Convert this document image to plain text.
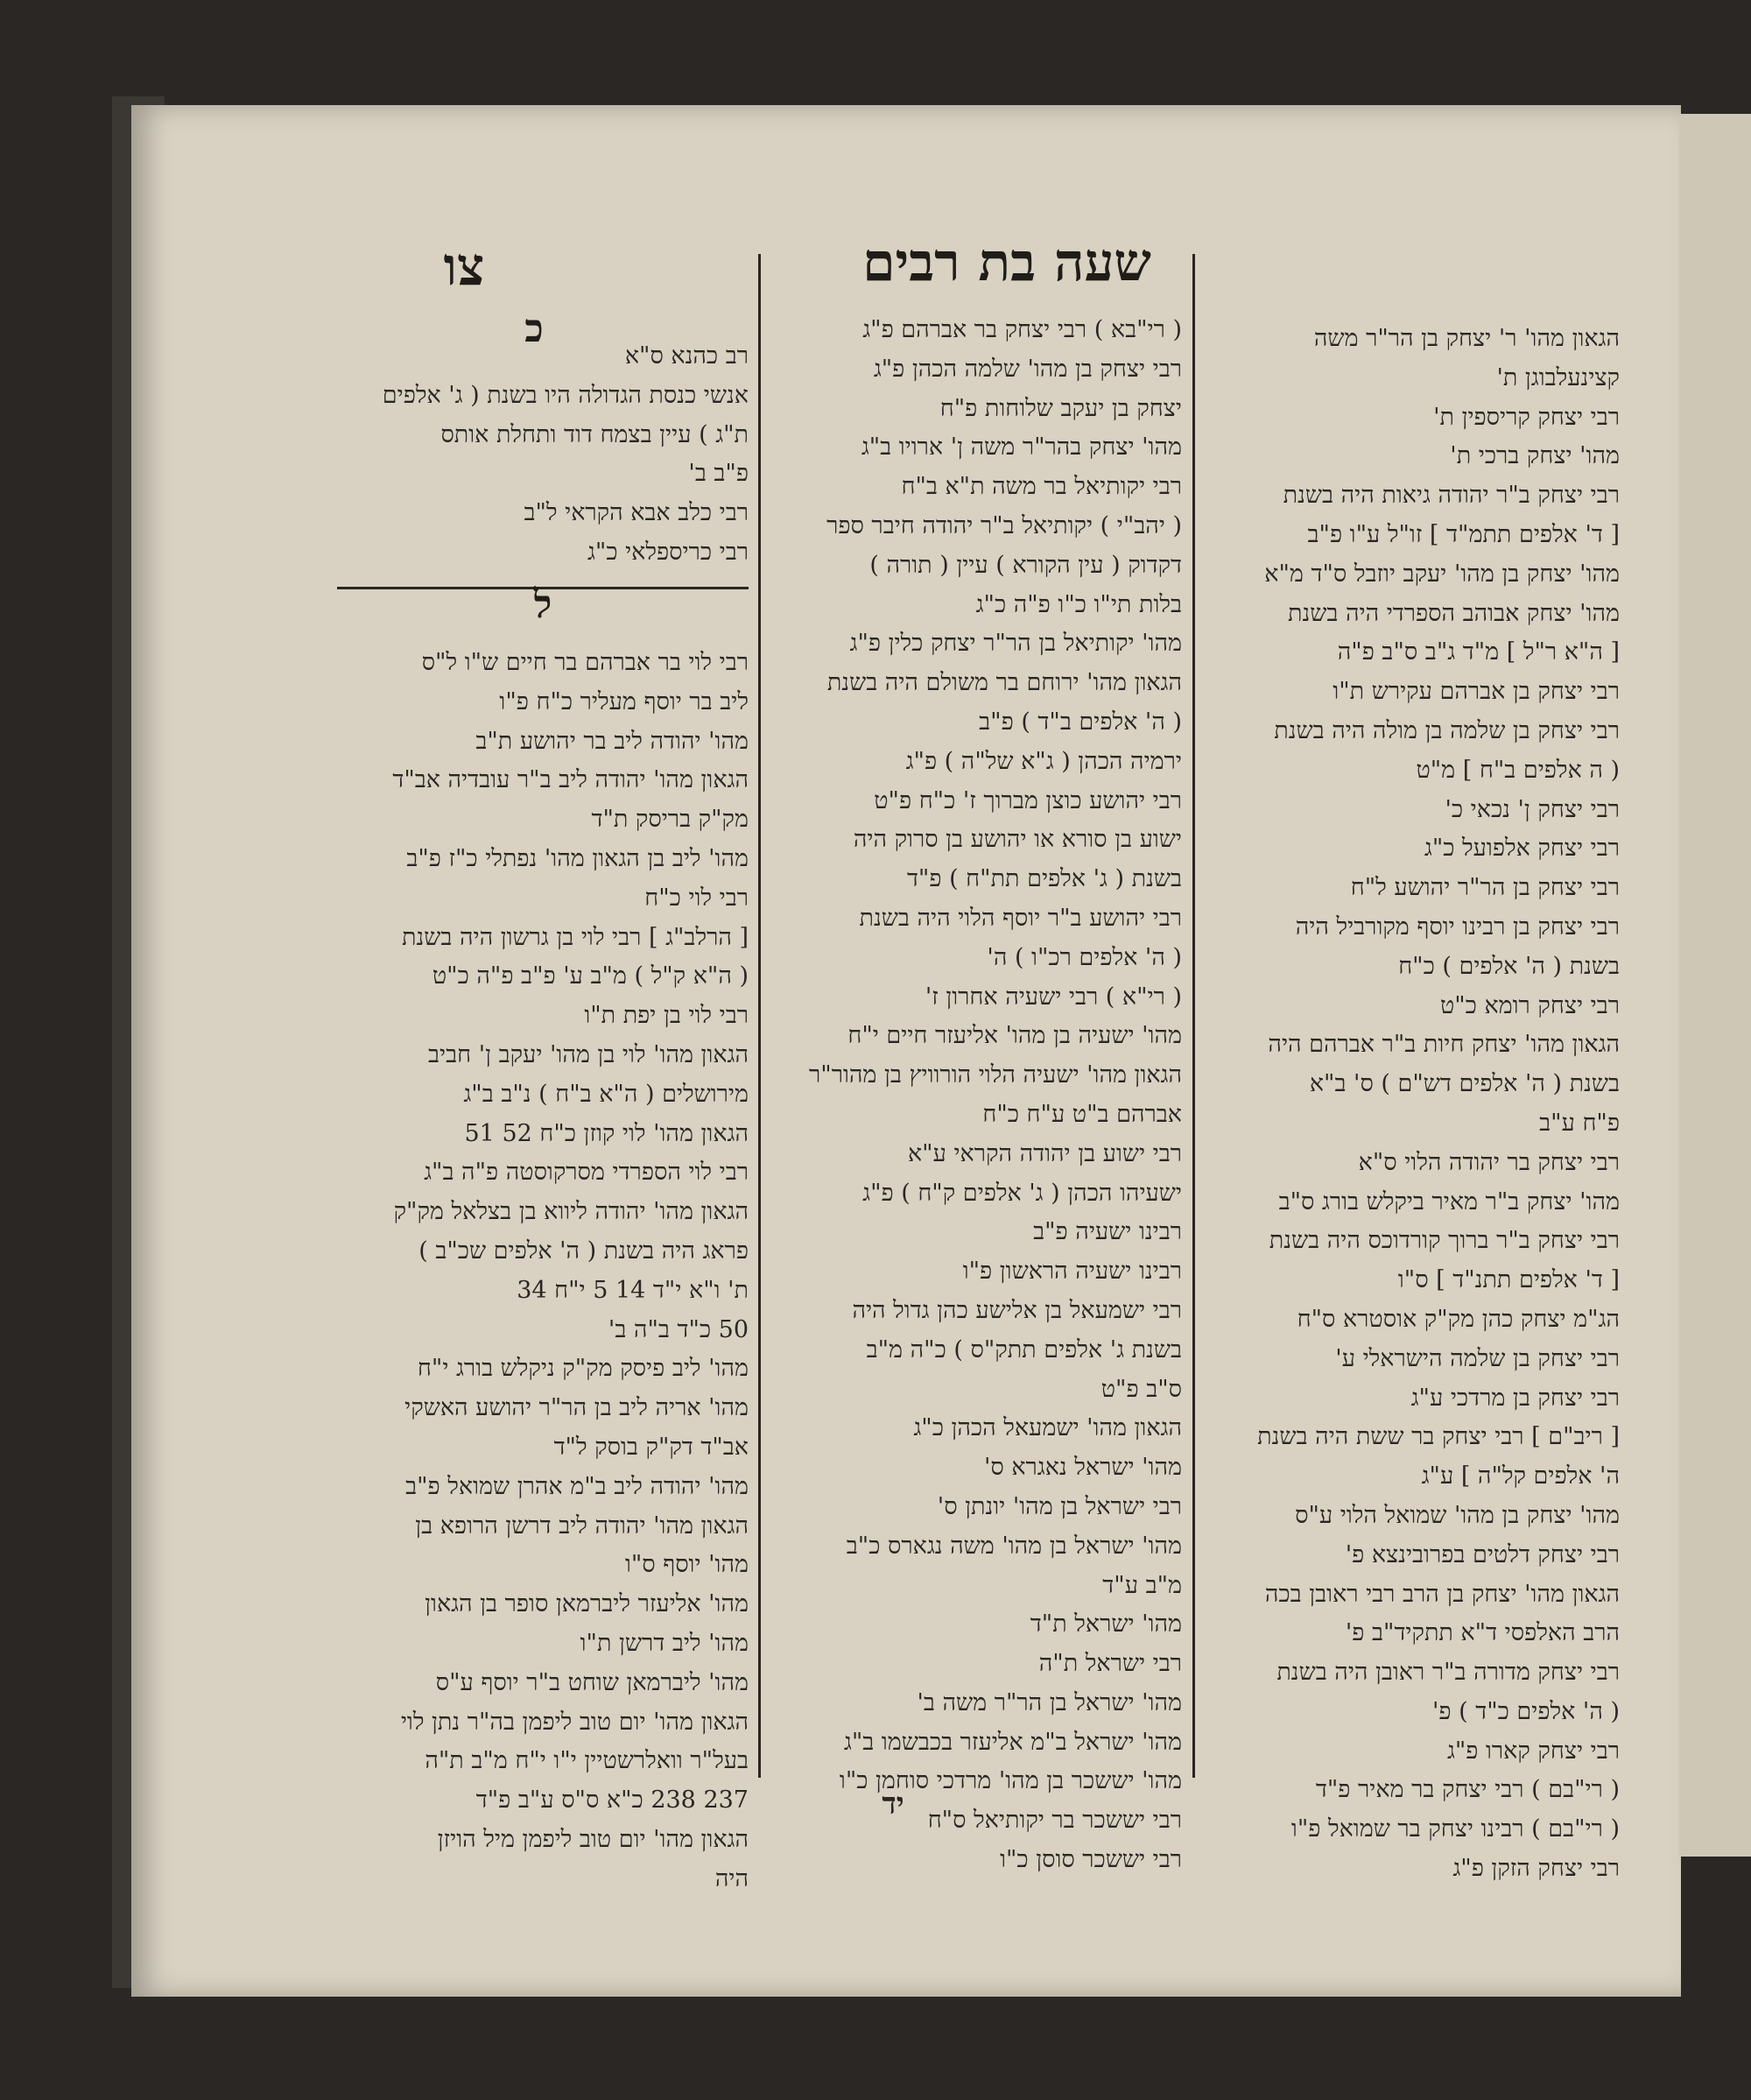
שעה בת רבים
צו
הגאון מהו' ר' יצחק בן הר"ר משה
קצינעלבוגן ת'
רבי יצחק קריספין ת'
מהו' יצחק ברכי ת'
רבי יצחק ב"ר יהודה גיאות היה בשנת
[ ד' אלפים תתמ"ד ] זו"ל ע"ו פ"ב
מהו' יצחק בן מהו' יעקב יוזבל ס"ד מ"א
מהו' יצחק אבוהב הספרדי היה בשנת
[ ה"א ר"ל ] מ"ד ג"ב ס"ב פ"ה
רבי יצחק בן אברהם עקירש ת"ו
רבי יצחק בן שלמה בן מולה היה בשנת
( ה אלפים ב"ח ] מ"ט
רבי יצחק ן' נכאי כ'
רבי יצחק אלפועל כ"ג
רבי יצחק בן הר"ר יהושע ל"ח
רבי יצחק בן רבינו יוסף מקורביל היה
בשנת ( ה' אלפים ) כ"ח
רבי יצחק רומא כ"ט
הגאון מהו' יצחק חיות ב"ר אברהם היה
בשנת ( ה' אלפים דש"ם ) ס' ב"א
פ"ח ע"ב
רבי יצחק בר יהודה הלוי ס"א
מהו' יצחק ב"ר מאיר ביקלש בורג ס"ב
רבי יצחק ב"ר ברוך קורדוכס היה בשנת
[ ד' אלפים תתנ"ד ] ס"ו
הג"מ יצחק כהן מק"ק אוסטרא ס"ח
רבי יצחק בן שלמה הישראלי ע'
רבי יצחק בן מרדכי ע"ג
[ ריב"ם ] רבי יצחק בר ששת היה בשנת
ה' אלפים קל"ה ] ע"ג
מהו' יצחק בן מהו' שמואל הלוי ע"ס
רבי יצחק דלטים בפרובינצא פ'
הגאון מהו' יצחק בן הרב רבי ראובן בכה
הרב האלפסי ד"א תתקיד"ב פ'
רבי יצחק מדורה ב"ר ראובן היה בשנת
( ה' אלפים כ"ד ) פ'
רבי יצחק קארו פ"ג
( רי"בם ) רבי יצחק בר מאיר פ"ד
( רי"בם ) רבינו יצחק בר שמואל פ"ו
רבי יצחק הזקן פ"ג
( רי"בא ) רבי יצחק בר אברהם פ"ג
רבי יצחק בן מהו' שלמה הכהן פ"ג
יצחק בן יעקב שלוחות פ"ח
מהו' יצחק בהר"ר משה ן' ארויו ב"ג
רבי יקותיאל בר משה ת"א ב"ח
( יהב"י ) יקותיאל ב"ר יהודה חיבר ספר
דקדוק ( עין הקורא ) עיין ( תורה )
בלות תי"ו כ"ו פ"ה כ"ג
מהו' יקותיאל בן הר"ר יצחק כלין פ"ג
הגאון מהו' ירוחם בר משולם היה בשנת
( ה' אלפים ב"ד ) פ"ב
ירמיה הכהן ( ג"א של"ה ) פ"ג
רבי יהושע כוצן מברוך ז' כ"ח פ"ט
ישוע בן סורא או יהושע בן סרוק היה
בשנת ( ג' אלפים תת"ח ) פ"ד
רבי יהושע ב"ר יוסף הלוי היה בשנת
( ה' אלפים רכ"ו ) ה'
( רי"א ) רבי ישעיה אחרון ז'
מהו' ישעיה בן מהו' אליעזר חיים י"ח
הגאון מהו' ישעיה הלוי הורוויץ בן מהור"ר
אברהם ב"ט ע"ח כ"ח
רבי ישוע בן יהודה הקראי ע"א
ישעיהו הכהן ( ג' אלפים ק"ח ) פ"ג
רבינו ישעיה פ"ב
רבינו ישעיה הראשון פ"ו
רבי ישמעאל בן אלישע כהן גדול היה
בשנת ג' אלפים תתק"ס ) כ"ה מ"ב
ס"ב פ"ט
הגאון מהו' ישמעאל הכהן כ"ג
מהו' ישראל נאגרא ס'
רבי ישראל בן מהו' יונתן ס'
מהו' ישראל בן מהו' משה נגארס כ"ב
מ"ב ע"ד
מהו' ישראל ת"ד
רבי ישראל ת"ה
מהו' ישראל בן הר"ר משה ב'
מהו' ישראל ב"מ אליעזר בכבשמו ב"ג
מהו' יששכר בן מהו' מרדכי סוחמן כ"ו
רבי יששכר בר יקותיאל ס"ח
רבי יששכר סוסן כ"ו
כ
רב כהנא ס"א
אנשי כנסת הגדולה היו בשנת ( ג' אלפים
ת"ג ) עיין בצמח דוד ותחלת אותס
פ"ב ב'
רבי כלב אבא הקראי ל"ב
רבי כריספלאי כ"ג
ל
רבי לוי בר אברהם בר חיים ש"ו ל"ס
ליב בר יוסף מעליר כ"ח פ"ו
מהו' יהודה ליב בר יהושע ת"ב
הגאון מהו' יהודה ליב ב"ר עובדיה אב"ד
מק"ק בריסק ת"ד
מהו' ליב בן הגאון מהו' נפתלי כ"ז פ"ב
רבי לוי כ"ח
[ הרלב"ג ] רבי לוי בן גרשון היה בשנת
( ה"א ק"ל ) מ"ב ע' פ"ב פ"ה כ"ט
רבי לוי בן יפת ת"ו
הגאון מהו' לוי בן מהו' יעקב ן' חביב
מירושלים ( ה"א ב"ח ) נ"ב ב"ג
הגאון מהו' לוי קוזן כ"ח 52 51
רבי לוי הספרדי מסרקוסטה פ"ה ב"ג
הגאון מהו' יהודה ליווא בן בצלאל מק"ק
פראג היה בשנת ( ה' אלפים שכ"ב )
ת' ו"א י"ד 14 5 י"ח 34
50 כ"ד ב"ה ב'
מהו' ליב פיסק מק"ק ניקלש בורג י"ח
מהו' אריה ליב בן הר"ר יהושע האשקי
אב"ד דק"ק בוסק ל"ד
מהו' יהודה ליב ב"מ אהרן שמואל פ"ב
הגאון מהו' יהודה ליב דרשן הרופא בן
מהו' יוסף ס"ו
מהו' אליעזר ליברמאן סופר בן הגאון
מהו' ליב דרשן ת"ו
מהו' ליברמאן שוחט ב"ר יוסף ע"ס
הגאון מהו' יום טוב ליפמן בה"ר נתן לוי
בעל"ר וואלרשטיין י"ו י"ח מ"ב ת"ה
237 238 כ"א ס"ס ע"ב פ"ד
הגאון מהו' יום טוב ליפמן מיל הויזן
היה
יד
